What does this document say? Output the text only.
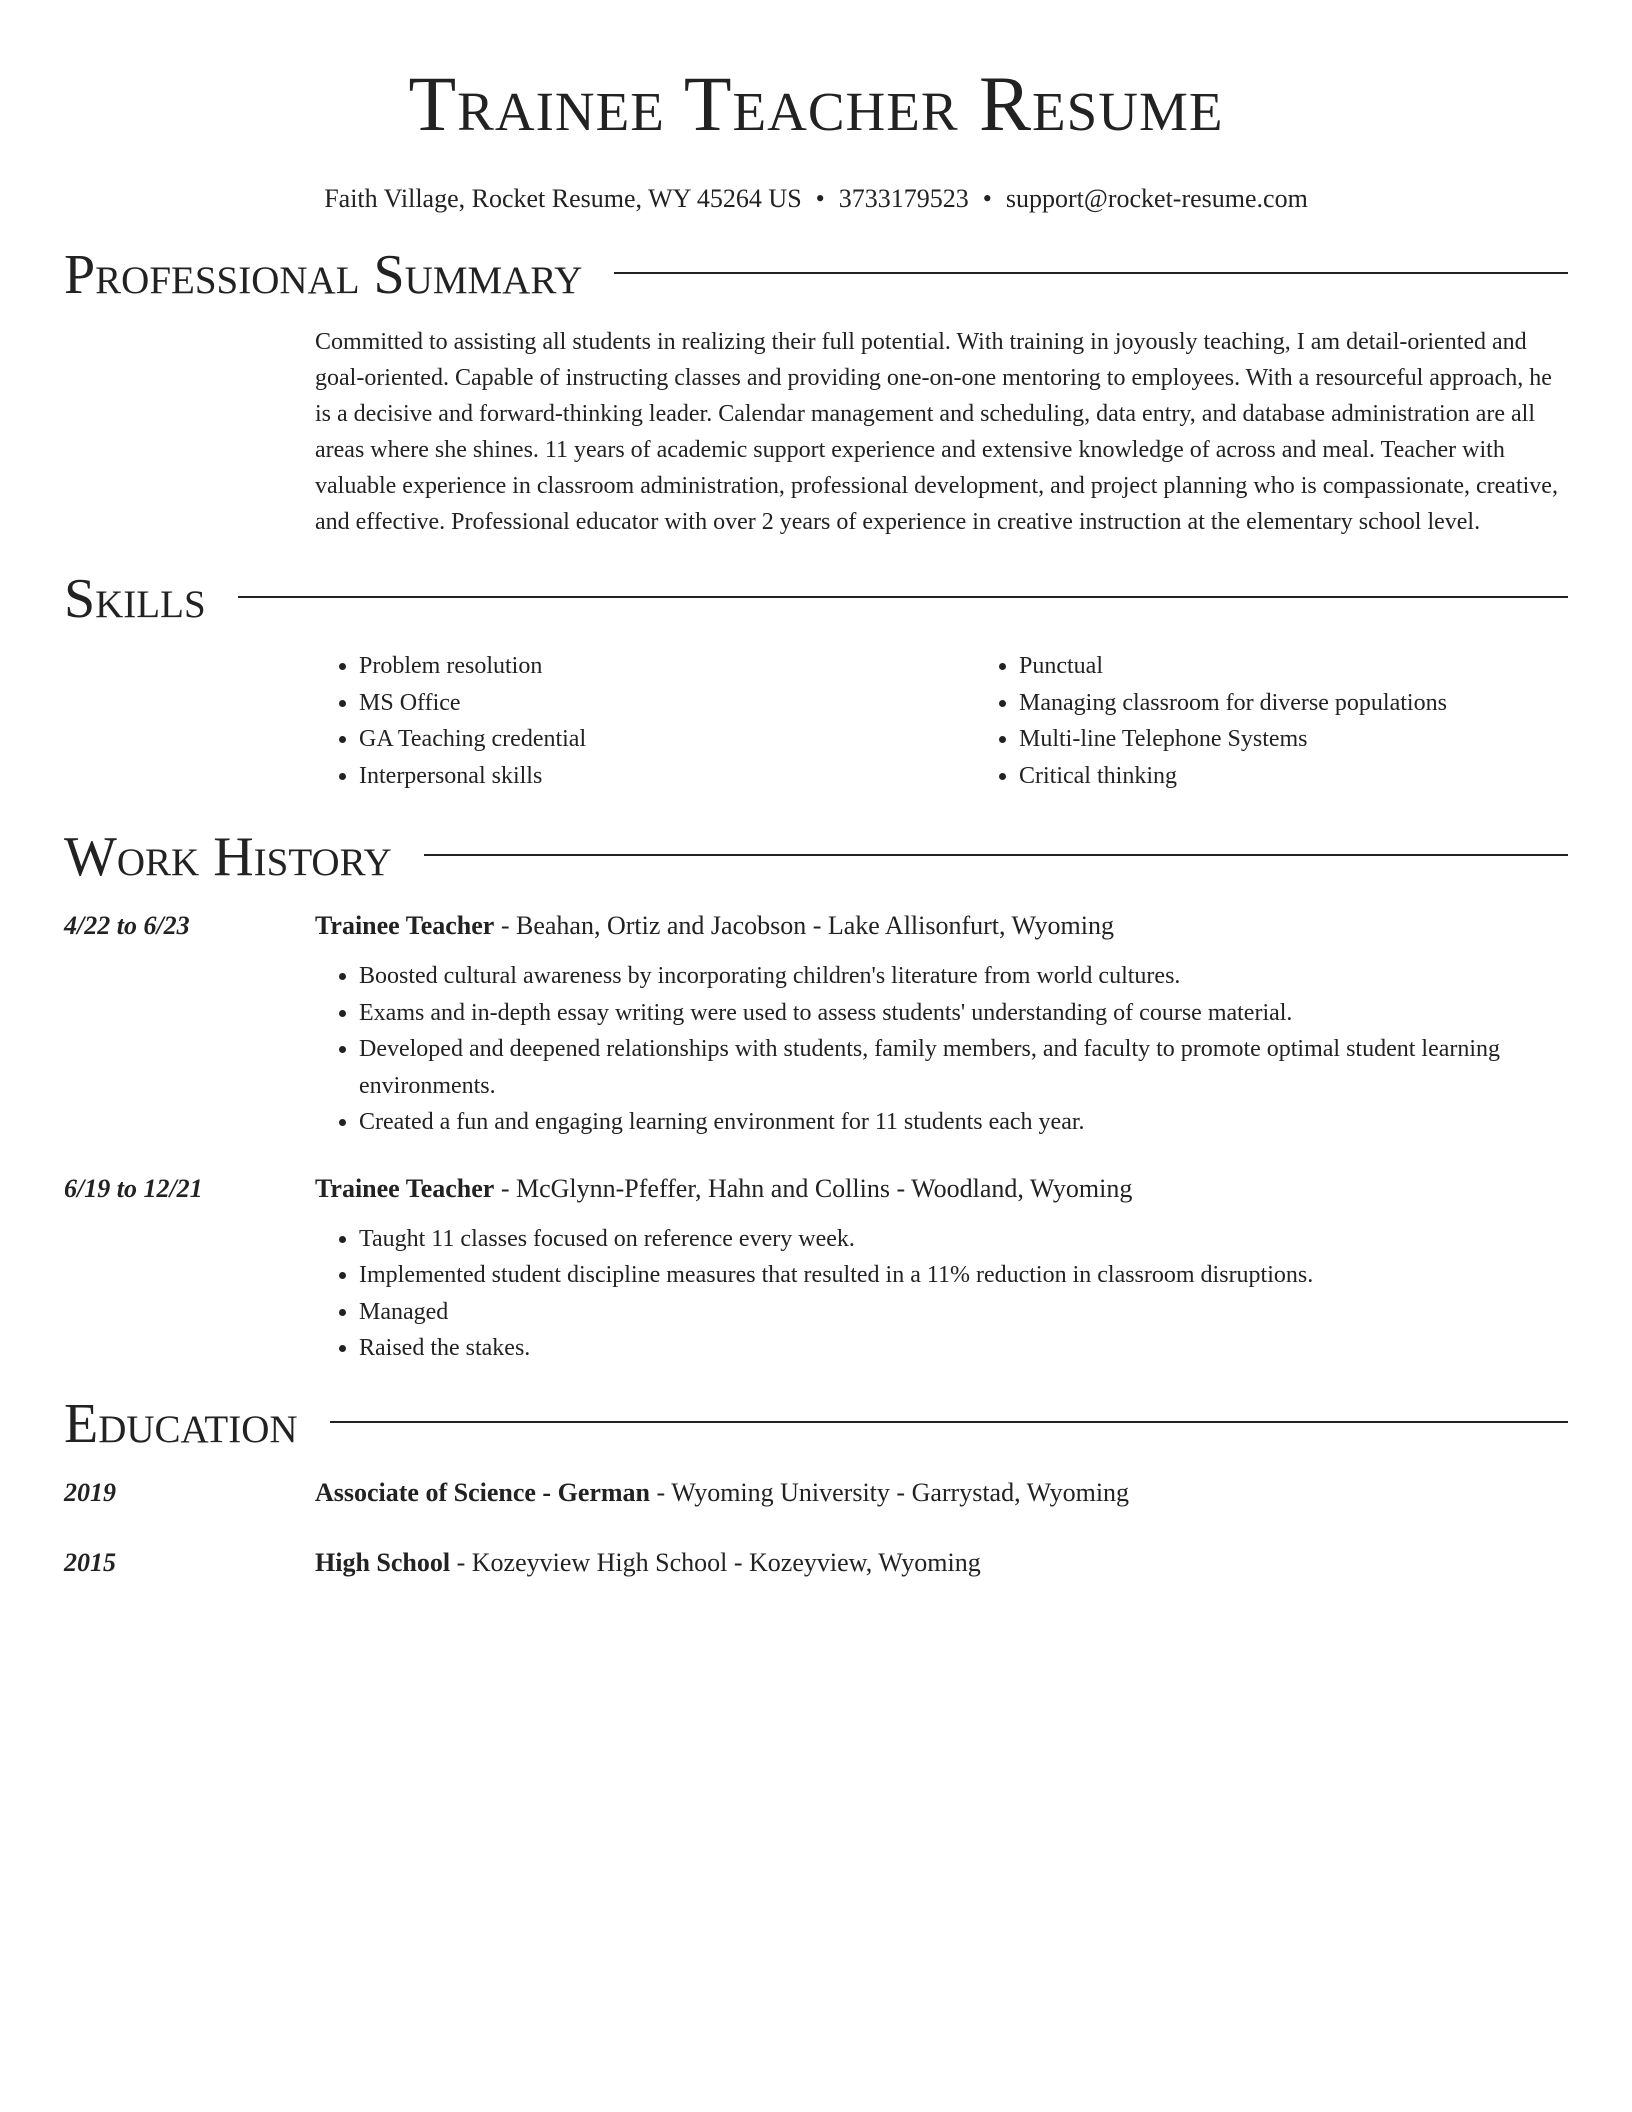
Trainee Teacher Resume
Faith Village, Rocket Resume, WY 45264 US • 3733179523 • support@rocket-resume.com
Professional Summary
Committed to assisting all students in realizing their full potential. With training in joyously teaching, I am detail-oriented and goal-oriented. Capable of instructing classes and providing one-on-one mentoring to employees. With a resourceful approach, he is a decisive and forward-thinking leader. Calendar management and scheduling, data entry, and database administration are all areas where she shines. 11 years of academic support experience and extensive knowledge of across and meal. Teacher with valuable experience in classroom administration, professional development, and project planning who is compassionate, creative, and effective. Professional educator with over 2 years of experience in creative instruction at the elementary school level.
Skills
• Problem resolution
• MS Office
• GA Teaching credential
• Interpersonal skills
• Punctual
• Managing classroom for diverse populations
• Multi-line Telephone Systems
• Critical thinking
Work History
4/22 to 6/23	Trainee Teacher - Beahan, Ortiz and Jacobson - Lake Allisonfurt, Wyoming
• Boosted cultural awareness by incorporating children's literature from world cultures.
• Exams and in-depth essay writing were used to assess students' understanding of course material.
• Developed and deepened relationships with students, family members, and faculty to promote optimal student learning environments.
• Created a fun and engaging learning environment for 11 students each year.
6/19 to 12/21	Trainee Teacher - McGlynn-Pfeffer, Hahn and Collins - Woodland, Wyoming
• Taught 11 classes focused on reference every week.
• Implemented student discipline measures that resulted in a 11% reduction in classroom disruptions.
• Managed
• Raised the stakes.
Education
2019	Associate of Science - German - Wyoming University - Garrystad, Wyoming
2015	High School - Kozeyview High School - Kozeyview, Wyoming
